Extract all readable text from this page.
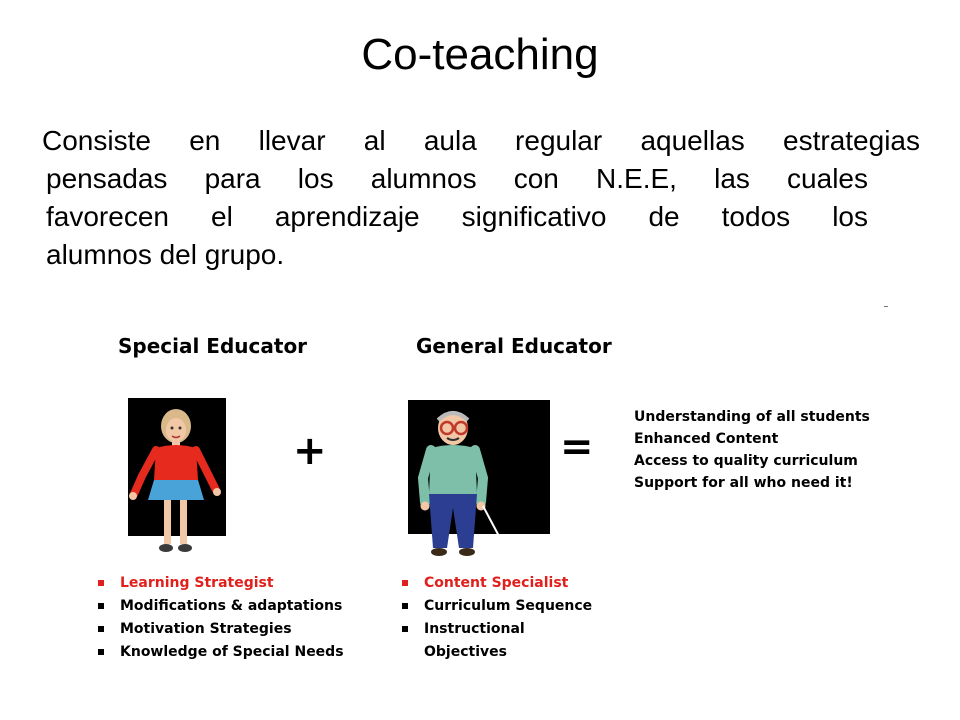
Co-teaching
Consiste en llevar al aula regular aquellas estrategias
pensadas para los alumnos con N.E.E, las cuales
favorecen el aprendizaje significativo de todos los
alumnos del grupo.
Special Educator	General Educator
+	=
Understanding of all students
Enhanced Content
Access to quality curriculum
Support for all who need it!
Learning Strategist
Modifications & adaptations
Motivation Strategies
Knowledge of Special Needs
Content Specialist
Curriculum Sequence
Instructional
Objectives
